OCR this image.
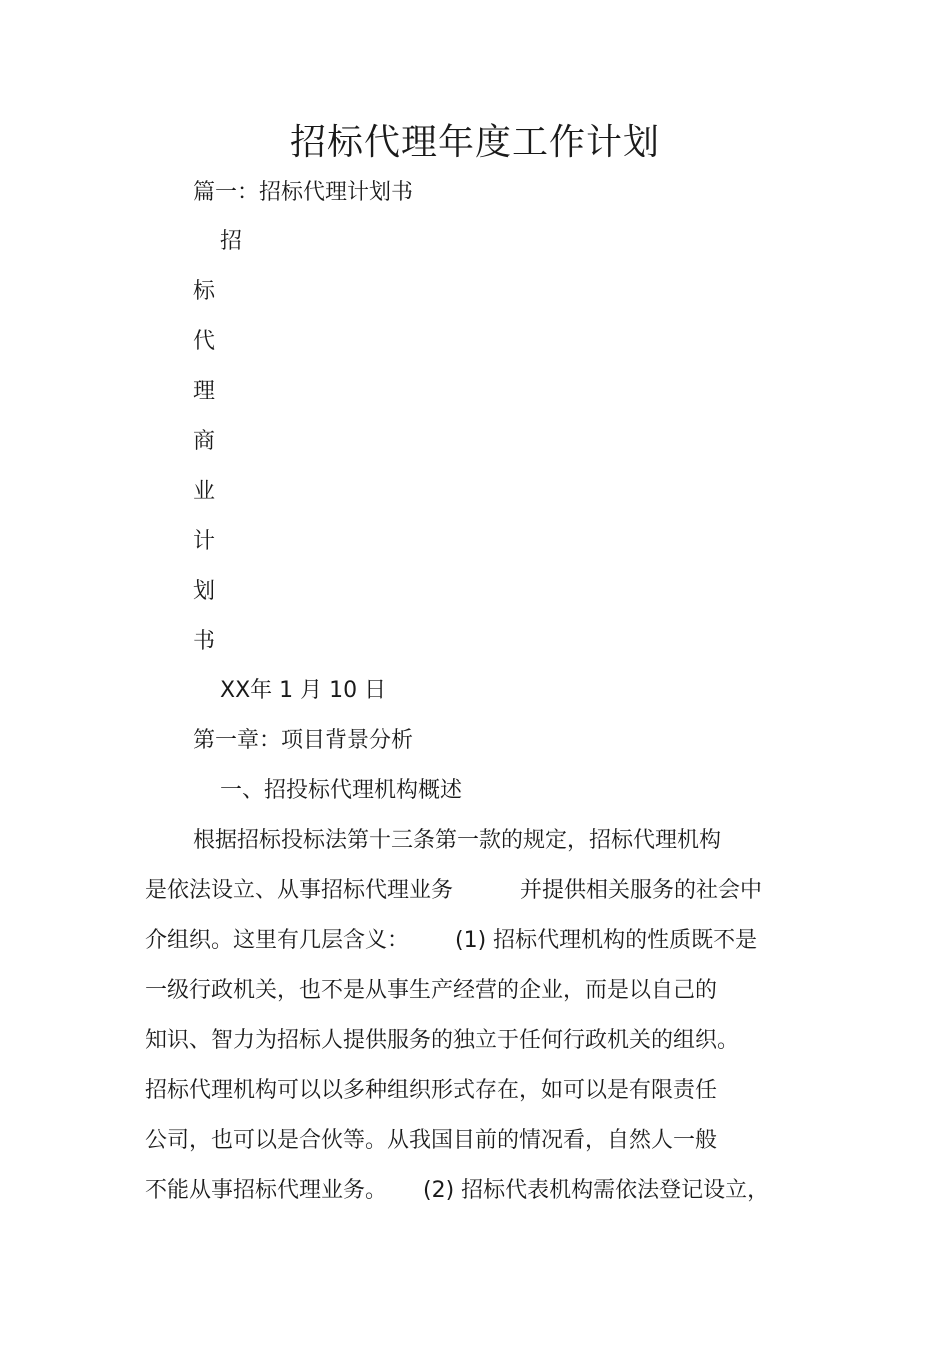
招标代理年度工作计划
篇一：招标代理计划书
招
标
代
理
商
业
计
划
书
XX年 1 月 10 日
第一章：项目背景分析
一、招投标代理机构概述
根据招标投标法第十三条第一款的规定，招标代理机构
是依法设立、从事招标代理业务	并提供相关服务的社会中
介组织。这里有几层含义： (1) 招标代理机构的性质既不是
一级行政机关，也不是从事生产经营的企业，而是以自己的
知识、智力为招标人提供服务的独立于任何行政机关的组织。
招标代理机构可以以多种组织形式存在，如可以是有限责任
公司，也可以是合伙等。从我国目前的情况看，自然人一般
不能从事招标代理业务。 (2) 招标代表机构需依法登记设立，
